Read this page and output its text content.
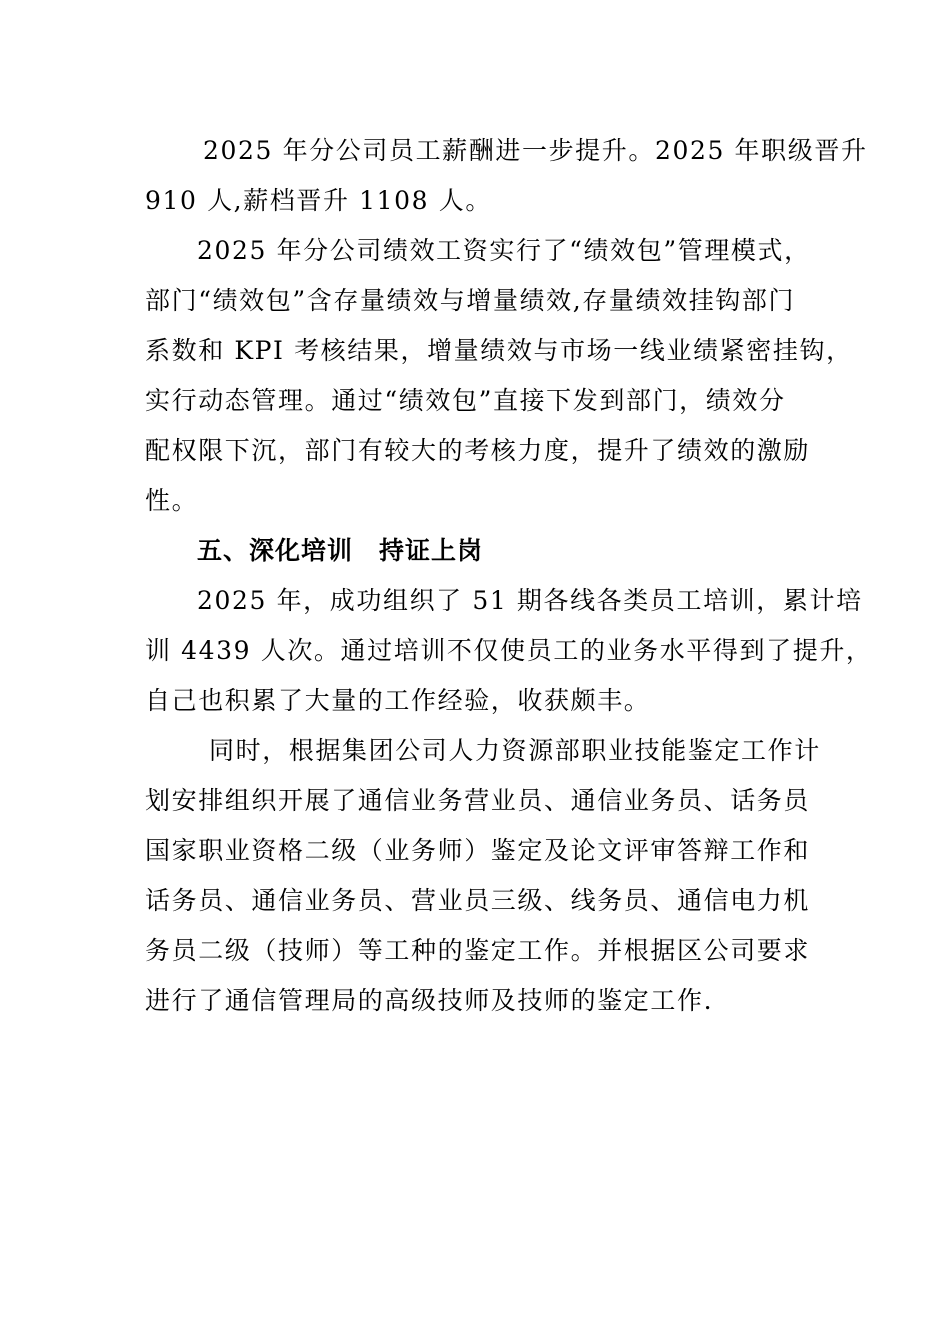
2025 年分公司员工薪酬进一步提升。2025 年职级晋升
910 人,薪档晋升 1108 人。
2025 年分公司绩效工资实行了“绩效包”管理模式，
部门“绩效包”含存量绩效与增量绩效,存量绩效挂钩部门
系数和 KPI 考核结果，增量绩效与市场一线业绩紧密挂钩，
实行动态管理。通过“绩效包”直接下发到部门，绩效分
配权限下沉，部门有较大的考核力度，提升了绩效的激励
性。
五、深化培训　持证上岗
2025 年，成功组织了 51 期各线各类员工培训，累计培
训 4439 人次。通过培训不仅使员工的业务水平得到了提升，
自己也积累了大量的工作经验，收获颇丰。
同时，根据集团公司人力资源部职业技能鉴定工作计
划安排组织开展了通信业务营业员、通信业务员、话务员
国家职业资格二级（业务师）鉴定及论文评审答辩工作和
话务员、通信业务员、营业员三级、线务员、通信电力机
务员二级（技师）等工种的鉴定工作。并根据区公司要求
进行了通信管理局的高级技师及技师的鉴定工作.
